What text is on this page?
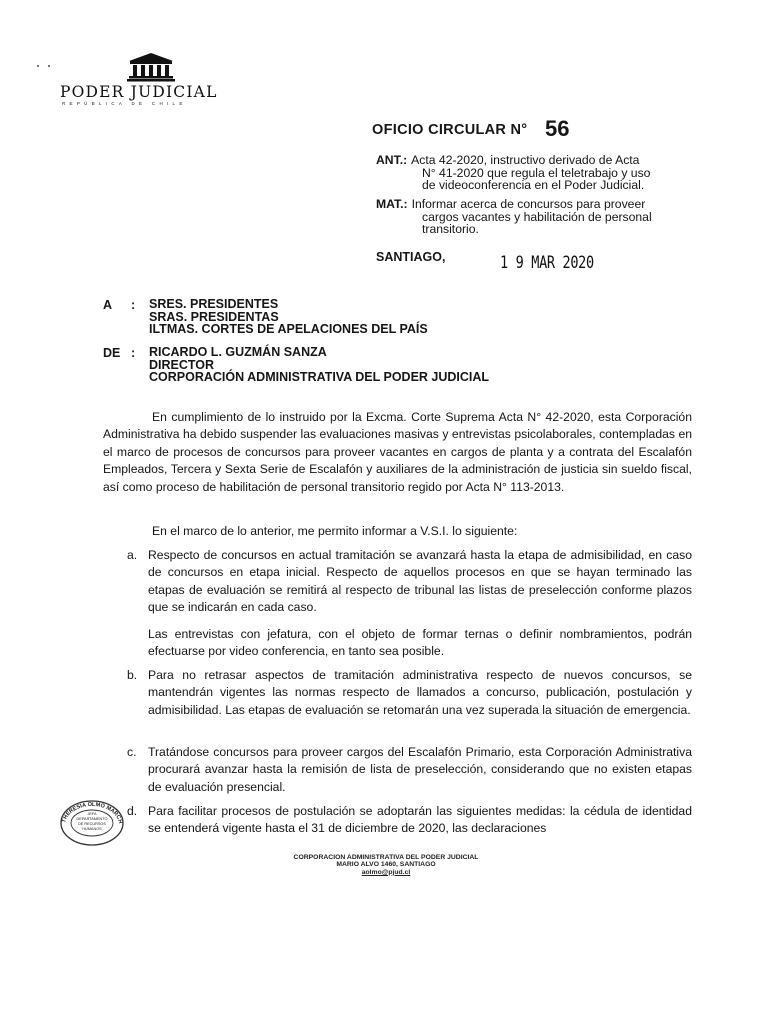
PODER JUDICIAL
REPÚBLICA DE CHILE
OFICIO CIRCULAR N° 56
ANT.: Acta 42-2020, instructivo derivado de Acta
N° 41-2020 que regula el teletrabajo y uso
de videoconferencia en el Poder Judicial.
MAT.: Informar acerca de concursos para proveer
cargos vacantes y habilitación de personal
transitorio.
SANTIAGO,	1 9 MAR 2020
A : SRES. PRESIDENTES
SRAS. PRESIDENTAS
ILTMAS. CORTES DE APELACIONES DEL PAÍS
DE : RICARDO L. GUZMÁN SANZA
DIRECTOR
CORPORACIÓN ADMINISTRATIVA DEL PODER JUDICIAL
En cumplimiento de lo instruido por la Excma. Corte Suprema Acta N° 42-2020, esta Corporación Administrativa ha debido suspender las evaluaciones masivas y entrevistas psicolaborales, contempladas en el marco de procesos de concursos para proveer vacantes en cargos de planta y a contrata del Escalafón Empleados, Tercera y Sexta Serie de Escalafón y auxiliares de la administración de justicia sin sueldo fiscal, así como proceso de habilitación de personal transitorio regido por Acta N° 113-2013.
En el marco de lo anterior, me permito informar a V.S.I. lo siguiente:
a. Respecto de concursos en actual tramitación se avanzará hasta la etapa de admisibilidad, en caso de concursos en etapa inicial. Respecto de aquellos procesos en que se hayan terminado las etapas de evaluación se remitirá al respecto de tribunal las listas de preselección conforme plazos que se indicarán en cada caso.
Las entrevistas con jefatura, con el objeto de formar ternas o definir nombramientos, podrán efectuarse por video conferencia, en tanto sea posible.
b. Para no retrasar aspectos de tramitación administrativa respecto de nuevos concursos, se mantendrán vigentes las normas respecto de llamados a concurso, publicación, postulación y admisibilidad. Las etapas de evaluación se retomarán una vez superada la situación de emergencia.
c. Tratándose concursos para proveer cargos del Escalafón Primario, esta Corporación Administrativa procurará avanzar hasta la remisión de lista de preselección, considerando que no existen etapas de evaluación presencial.
d. Para facilitar procesos de postulación se adoptarán las siguientes medidas: la cédula de identidad se entenderá vigente hasta el 31 de diciembre de 2020, las declaraciones
THERESIA OLMO MARCH
JEFA
DEPARTAMENTO
DE RECURSOS
HUMANOS
CORPORACION ADMINISTRATIVA DEL PODER JUDICIAL
MARIO ALVO 1460, SANTIAGO
aolmo@pjud.cl
